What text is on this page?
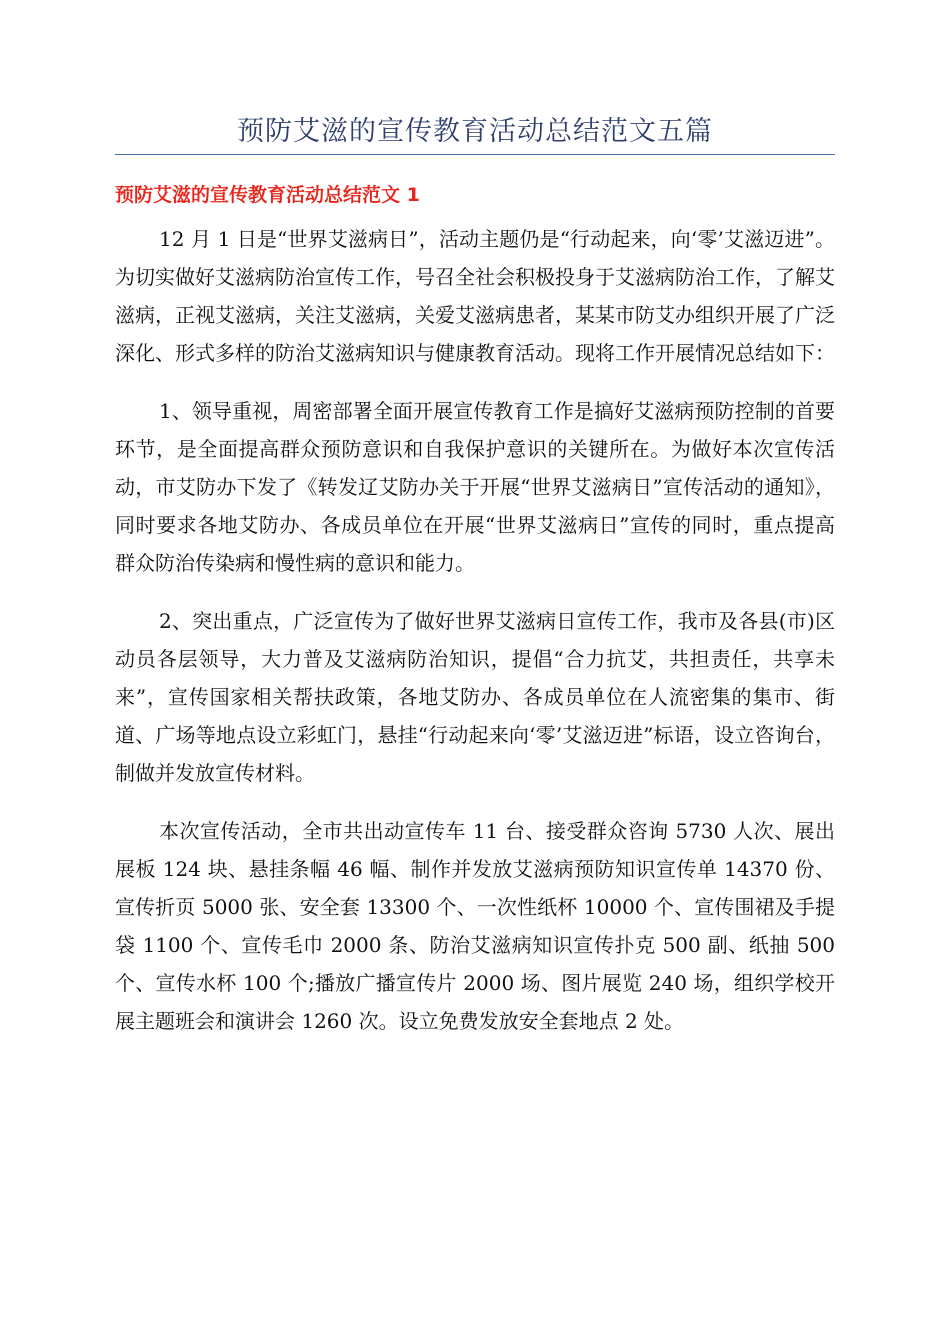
预防艾滋的宣传教育活动总结范文五篇
预防艾滋的宣传教育活动总结范文 1

12 月 1 日是“世界艾滋病日”，活动主题仍是“行动起来，向‘零’艾滋迈进”。为切实做好艾滋病防治宣传工作，号召全社会积极投身于艾滋病防治工作，了解艾滋病，正视艾滋病，关注艾滋病，关爱艾滋病患者，某某市防艾办组织开展了广泛深化、形式多样的防治艾滋病知识与健康教育活动。现将工作开展情况总结如下：

1、领导重视，周密部署全面开展宣传教育工作是搞好艾滋病预防控制的首要环节，是全面提高群众预防意识和自我保护意识的关键所在。为做好本次宣传活动，市艾防办下发了《转发辽艾防办关于开展“世界艾滋病日”宣传活动的通知》，同时要求各地艾防办、各成员单位在开展“世界艾滋病日”宣传的同时，重点提高群众防治传染病和慢性病的意识和能力。

2、突出重点，广泛宣传为了做好世界艾滋病日宣传工作，我市及各县(市)区动员各层领导，大力普及艾滋病防治知识，提倡“合力抗艾，共担责任，共享未来”，宣传国家相关帮扶政策，各地艾防办、各成员单位在人流密集的集市、街道、广场等地点设立彩虹门，悬挂“行动起来向‘零’艾滋迈进”标语，设立咨询台，制做并发放宣传材料。

本次宣传活动，全市共出动宣传车 11 台、接受群众咨询 5730 人次、展出展板 124 块、悬挂条幅 46 幅、制作并发放艾滋病预防知识宣传单 14370 份、宣传折页 5000 张、安全套 13300 个、一次性纸杯 10000 个、宣传围裙及手提袋 1100 个、宣传毛巾 2000 条、防治艾滋病知识宣传扑克 500 副、纸抽 500 个、宣传水杯 100 个;播放广播宣传片 2000 场、图片展览 240 场，组织学校开展主题班会和演讲会 1260 次。设立免费发放安全套地点 2 处。
